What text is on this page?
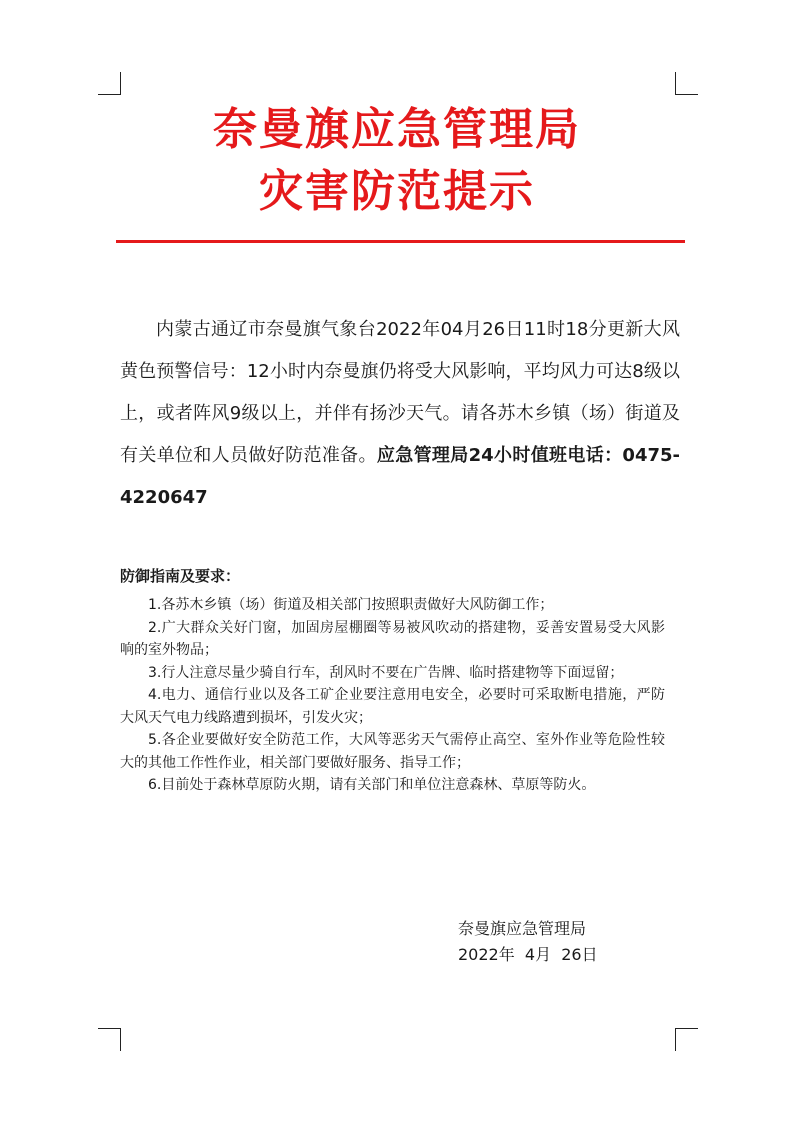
奈曼旗应急管理局
灾害防范提示

内蒙古通辽市奈曼旗气象台2022年04月26日11时18分更新大风黄色预警信号：12小时内奈曼旗仍将受大风影响，平均风力可达8级以上，或者阵风9级以上，并伴有扬沙天气。请各苏木乡镇（场）街道及有关单位和人员做好防范准备。应急管理局24小时值班电话：0475-4220647

防御指南及要求：

1.各苏木乡镇（场）街道及相关部门按照职责做好大风防御工作；
2.广大群众关好门窗，加固房屋棚圈等易被风吹动的搭建物，妥善安置易受大风影响的室外物品；
3.行人注意尽量少骑自行车，刮风时不要在广告牌、临时搭建物等下面逗留；
4.电力、通信行业以及各工矿企业要注意用电安全，必要时可采取断电措施，严防大风天气电力线路遭到损坏，引发火灾；
5.各企业要做好安全防范工作，大风等恶劣天气需停止高空、室外作业等危险性较大的其他工作性作业，相关部门要做好服务、指导工作；
6.目前处于森林草原防火期，请有关部门和单位注意森林、草原等防火。
奈曼旗应急管理局
2022年  4月  26日
